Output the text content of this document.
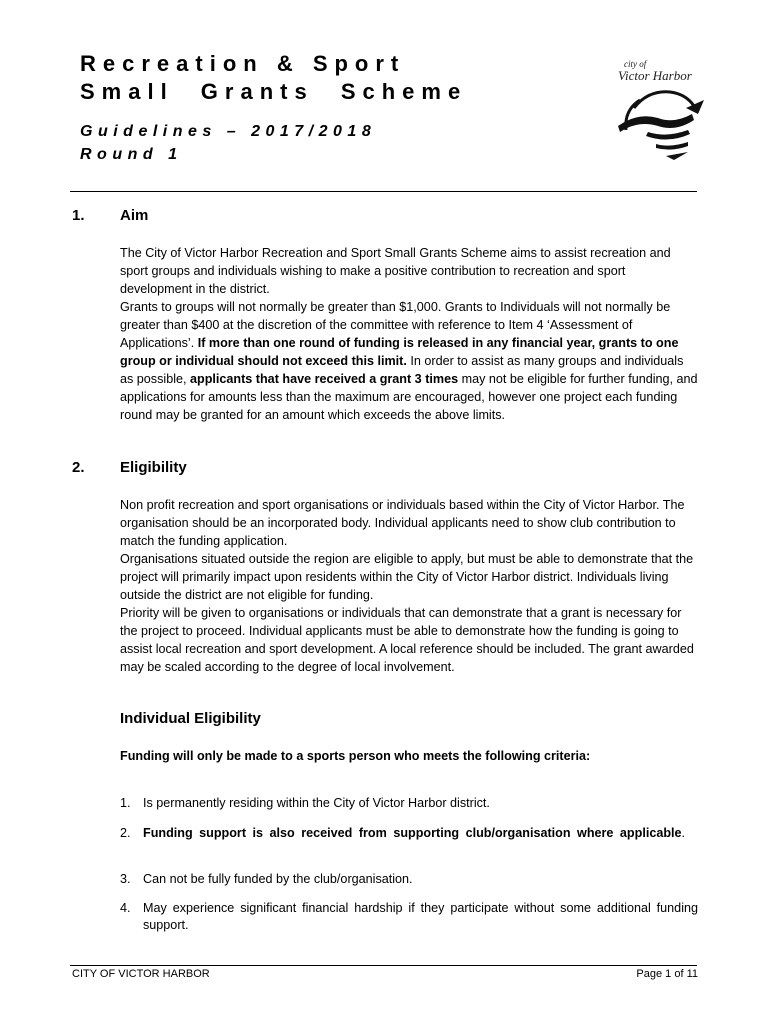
Recreation & Sport
Small Grants Scheme
Guidelines – 2017/2018
Round 1
city of
Victor Harbor
1. Aim

The City of Victor Harbor Recreation and Sport Small Grants Scheme aims to assist recreation and sport groups and individuals wishing to make a positive contribution to recreation and sport development in the district.

Grants to groups will not normally be greater than $1,000. Grants to Individuals will not normally be greater than $400 at the discretion of the committee with reference to Item 4 ‘Assessment of Applications’. If more than one round of funding is released in any financial year, grants to one group or individual should not exceed this limit. In order to assist as many groups and individuals as possible, applicants that have received a grant 3 times may not be eligible for further funding, and applications for amounts less than the maximum are encouraged, however one project each funding round may be granted for an amount which exceeds the above limits.

2. Eligibility

Non profit recreation and sport organisations or individuals based within the City of Victor Harbor. The organisation should be an incorporated body. Individual applicants need to show club contribution to match the funding application.

Organisations situated outside the region are eligible to apply, but must be able to demonstrate that the project will primarily impact upon residents within the City of Victor Harbor district. Individuals living outside the district are not eligible for funding.

Priority will be given to organisations or individuals that can demonstrate that a grant is necessary for the project to proceed. Individual applicants must be able to demonstrate how the funding is going to assist local recreation and sport development. A local reference should be included. The grant awarded may be scaled according to the degree of local involvement.

Individual Eligibility
Funding will only be made to a sports person who meets the following criteria:
1. Is permanently residing within the City of Victor Harbor district.
2. Funding support is also received from supporting club/organisation where applicable.
3. Can not be fully funded by the club/organisation.
4. May experience significant financial hardship if they participate without some additional funding support.
CITY OF VICTOR HARBOR	Page 1 of 11
